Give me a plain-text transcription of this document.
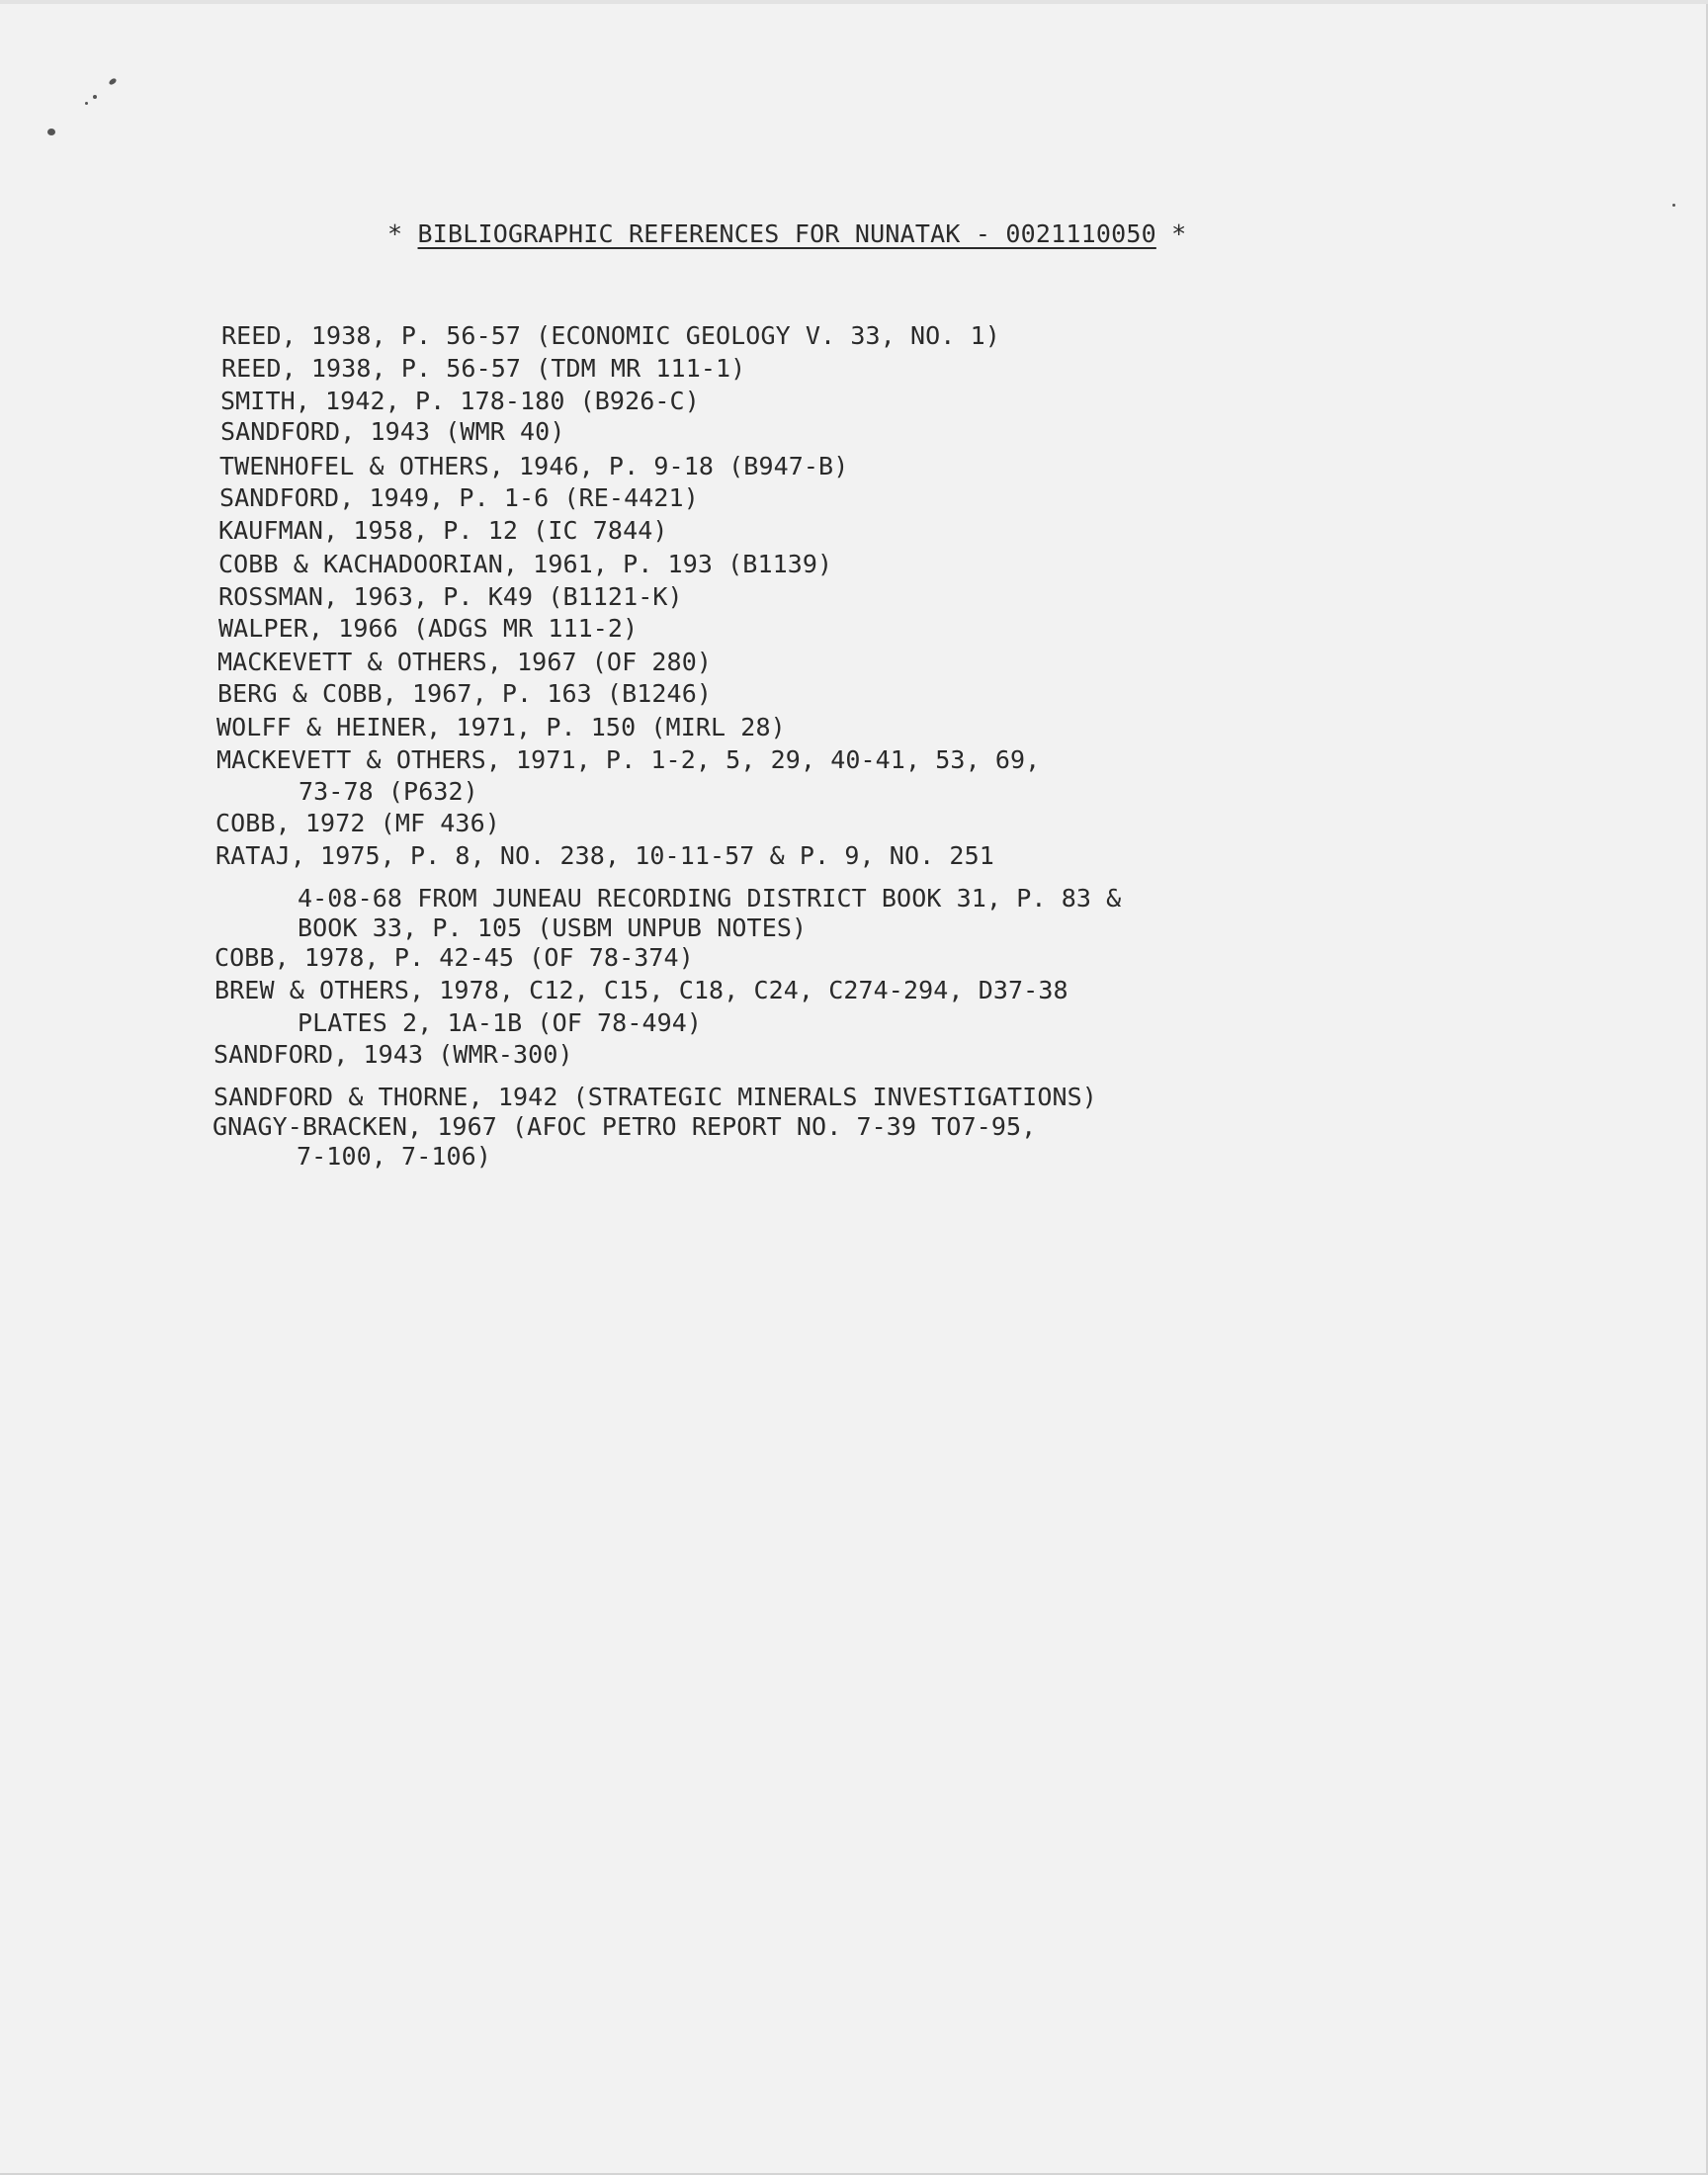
* BIBLIOGRAPHIC REFERENCES FOR NUNATAK - 0021110050 *
REED, 1938, P. 56-57 (ECONOMIC GEOLOGY V. 33, NO. 1)
REED, 1938, P. 56-57 (TDM MR 111-1)
SMITH, 1942, P. 178-180 (B926-C)
SANDFORD, 1943 (WMR 40)
TWENHOFEL & OTHERS, 1946, P. 9-18 (B947-B)
SANDFORD, 1949, P. 1-6 (RE-4421)
KAUFMAN, 1958, P. 12 (IC 7844)
COBB & KACHADOORIAN, 1961, P. 193 (B1139)
ROSSMAN, 1963, P. K49 (B1121-K)
WALPER, 1966 (ADGS MR 111-2)
MACKEVETT & OTHERS, 1967 (OF 280)
BERG & COBB, 1967, P. 163 (B1246)
WOLFF & HEINER, 1971, P. 150 (MIRL 28)
MACKEVETT & OTHERS, 1971, P. 1-2, 5, 29, 40-41, 53, 69,
73-78 (P632)
COBB, 1972 (MF 436)
RATAJ, 1975, P. 8, NO. 238, 10-11-57 & P. 9, NO. 251
4-08-68 FROM JUNEAU RECORDING DISTRICT BOOK 31, P. 83 &
BOOK 33, P. 105 (USBM UNPUB NOTES)
COBB, 1978, P. 42-45 (OF 78-374)
BREW & OTHERS, 1978, C12, C15, C18, C24, C274-294, D37-38
PLATES 2, 1A-1B (OF 78-494)
SANDFORD, 1943 (WMR-300)
SANDFORD & THORNE, 1942 (STRATEGIC MINERALS INVESTIGATIONS)
GNAGY-BRACKEN, 1967 (AFOC PETRO REPORT NO. 7-39 TO7-95,
7-100, 7-106)
